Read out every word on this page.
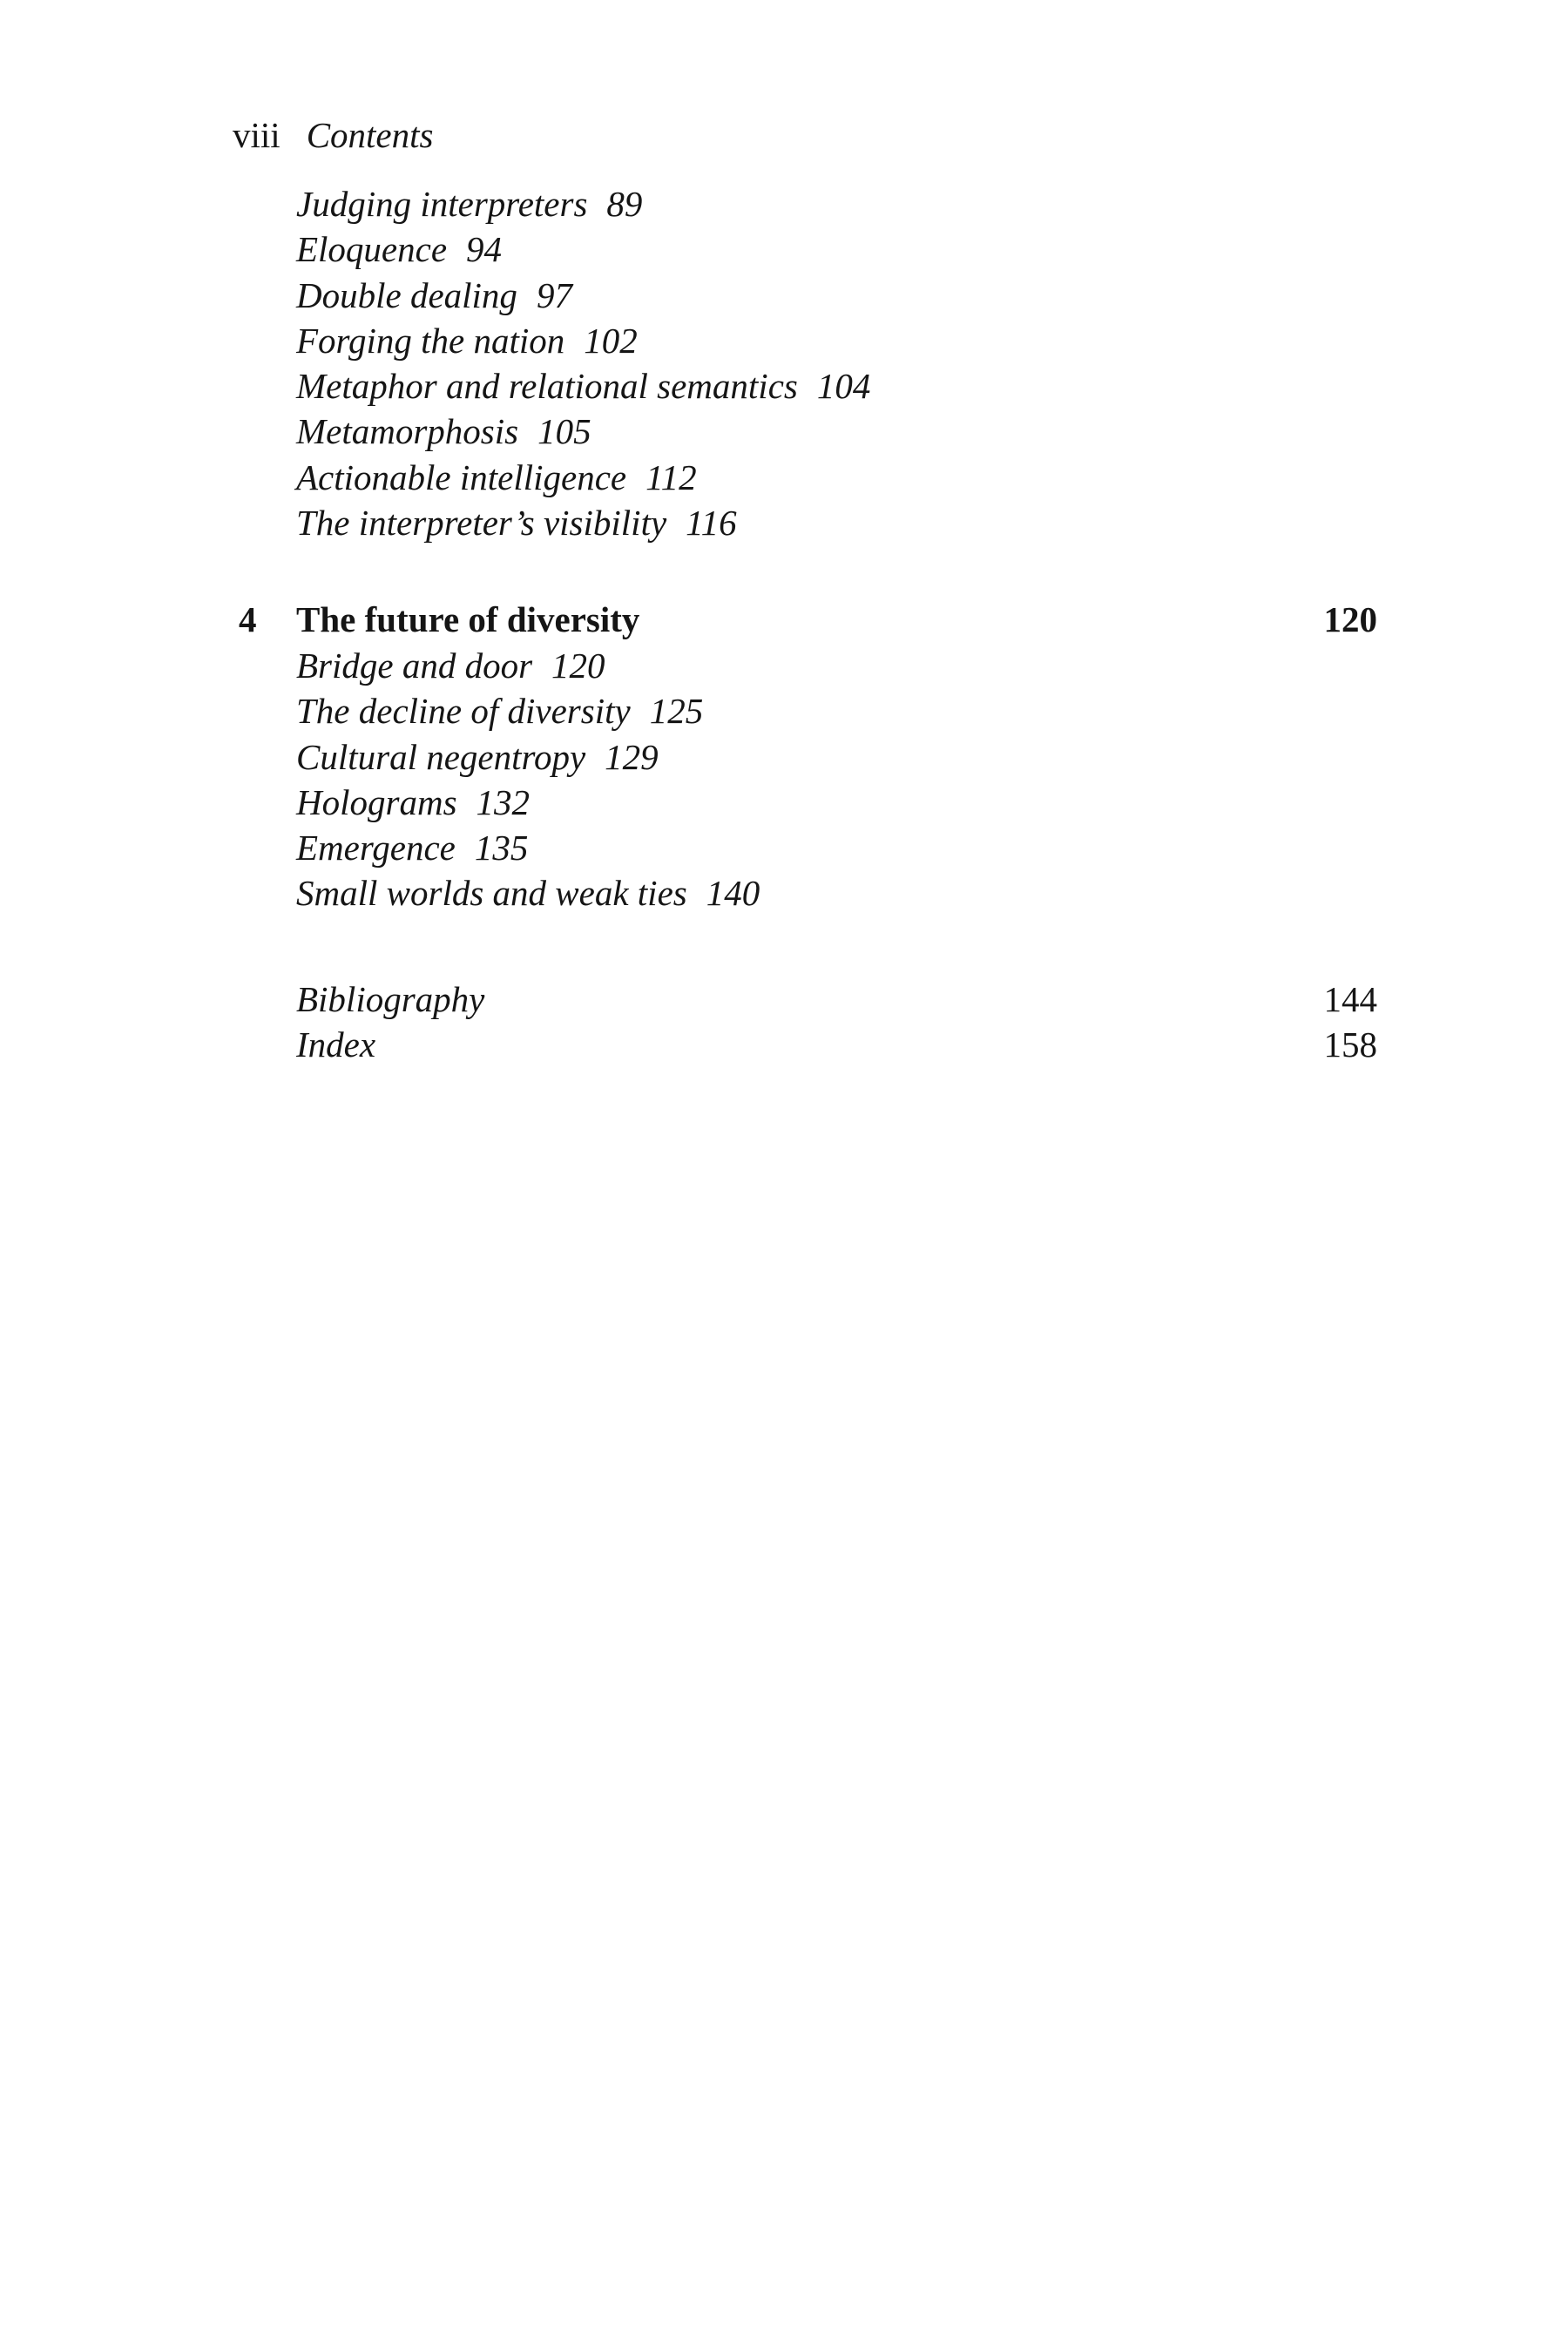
viii Contents
Judging interpreters 89
Eloquence 94
Double dealing 97
Forging the nation 102
Metaphor and relational semantics 104
Metamorphosis 105
Actionable intelligence 112
The interpreter’s visibility 116
4	The future of diversity	120
Bridge and door 120
The decline of diversity 125
Cultural negentropy 129
Holograms 132
Emergence 135
Small worlds and weak ties 140
Bibliography	144
Index	158
